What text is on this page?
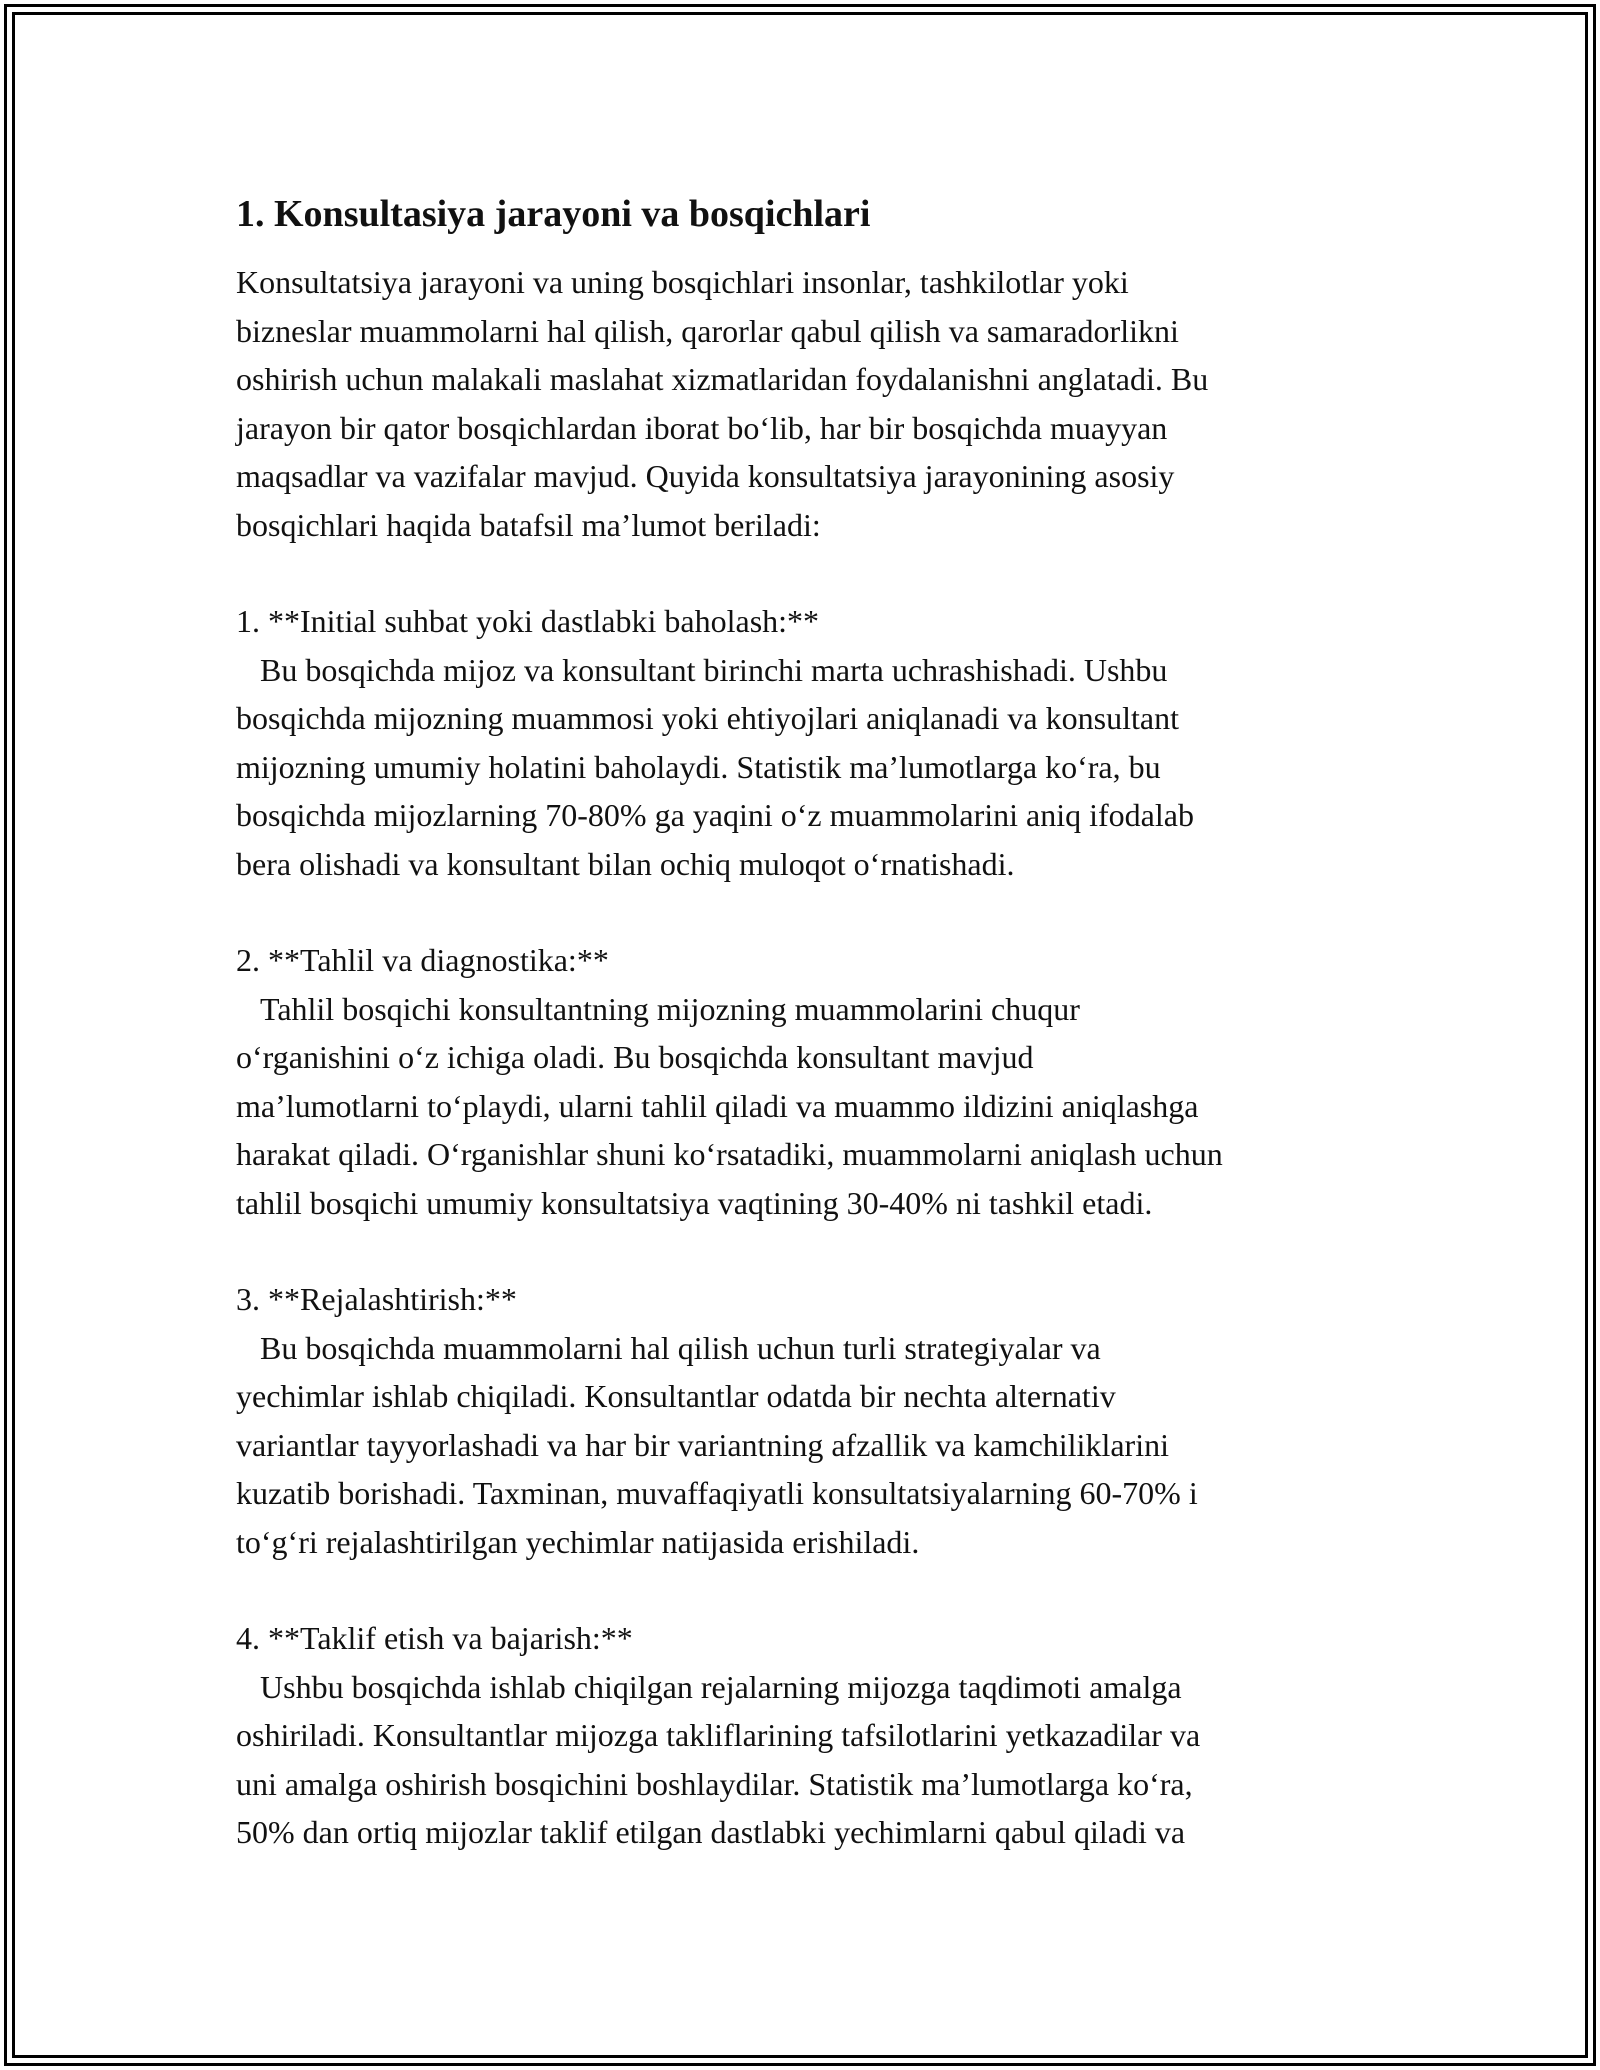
1. Konsultasiya jarayoni va bosqichlari

Konsultatsiya jarayoni va uning bosqichlari insonlar, tashkilotlar yoki
bizneslar muammolarni hal qilish, qarorlar qabul qilish va samaradorlikni
oshirish uchun malakali maslahat xizmatlaridan foydalanishni anglatadi. Bu
jarayon bir qator bosqichlardan iborat bo‘lib, har bir bosqichda muayyan
maqsadlar va vazifalar mavjud. Quyida konsultatsiya jarayonining asosiy
bosqichlari haqida batafsil ma’lumot beriladi:

1. **Initial suhbat yoki dastlabki baholash:**

Bu bosqichda mijoz va konsultant birinchi marta uchrashishadi. Ushbu
bosqichda mijozning muammosi yoki ehtiyojlari aniqlanadi va konsultant
mijozning umumiy holatini baholaydi. Statistik ma’lumotlarga ko‘ra, bu
bosqichda mijozlarning 70-80% ga yaqini o‘z muammolarini aniq ifodalab
bera olishadi va konsultant bilan ochiq muloqot o‘rnatishadi.

2. **Tahlil va diagnostika:**

Tahlil bosqichi konsultantning mijozning muammolarini chuqur
o‘rganishini o‘z ichiga oladi. Bu bosqichda konsultant mavjud
ma’lumotlarni to‘playdi, ularni tahlil qiladi va muammo ildizini aniqlashga
harakat qiladi. O‘rganishlar shuni ko‘rsatadiki, muammolarni aniqlash uchun
tahlil bosqichi umumiy konsultatsiya vaqtining 30-40% ni tashkil etadi.

3. **Rejalashtirish:**

Bu bosqichda muammolarni hal qilish uchun turli strategiyalar va
yechimlar ishlab chiqiladi. Konsultantlar odatda bir nechta alternativ
variantlar tayyorlashadi va har bir variantning afzallik va kamchiliklarini
kuzatib borishadi. Taxminan, muvaffaqiyatli konsultatsiyalarning 60-70% i
to‘g‘ri rejalashtirilgan yechimlar natijasida erishiladi.

4. **Taklif etish va bajarish:**

Ushbu bosqichda ishlab chiqilgan rejalarning mijozga taqdimoti amalga
oshiriladi. Konsultantlar mijozga takliflarining tafsilotlarini yetkazadilar va
uni amalga oshirish bosqichini boshlaydilar. Statistik ma’lumotlarga ko‘ra,
50% dan ortiq mijozlar taklif etilgan dastlabki yechimlarni qabul qiladi va
